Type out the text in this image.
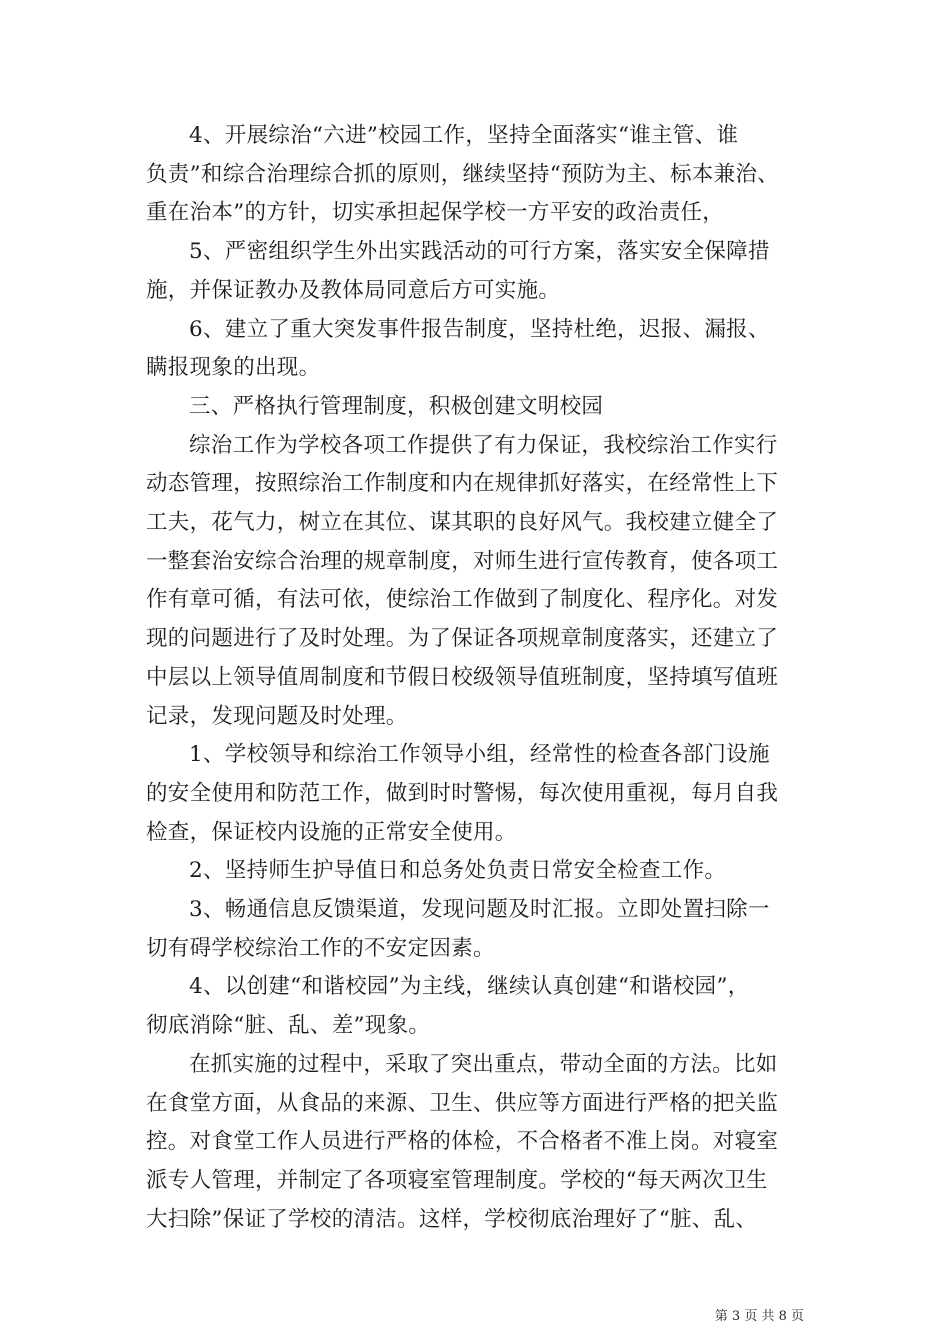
4、开展综治“六进”校园工作，坚持全面落实“谁主管、谁
负责”和综合治理综合抓的原则，继续坚持“预防为主、标本兼治、
重在治本”的方针，切实承担起保学校一方平安的政治责任，

5、严密组织学生外出实践活动的可行方案，落实安全保障措
施，并保证教办及教体局同意后方可实施。

6、建立了重大突发事件报告制度，坚持杜绝，迟报、漏报、
瞒报现象的出现。

三、严格执行管理制度，积极创建文明校园

综治工作为学校各项工作提供了有力保证，我校综治工作实行
动态管理，按照综治工作制度和内在规律抓好落实，在经常性上下
工夫，花气力，树立在其位、谋其职的良好风气。我校建立健全了
一整套治安综合治理的规章制度，对师生进行宣传教育，使各项工
作有章可循，有法可依，使综治工作做到了制度化、程序化。对发
现的问题进行了及时处理。为了保证各项规章制度落实，还建立了
中层以上领导值周制度和节假日校级领导值班制度，坚持填写值班
记录，发现问题及时处理。

1、学校领导和综治工作领导小组，经常性的检查各部门设施
的安全使用和防范工作，做到时时警惕，每次使用重视，每月自我
检查，保证校内设施的正常安全使用。

2、坚持师生护导值日和总务处负责日常安全检查工作。

3、畅通信息反馈渠道，发现问题及时汇报。立即处置扫除一
切有碍学校综治工作的不安定因素。

4、以创建“和谐校园”为主线，继续认真创建“和谐校园”，
彻底消除“脏、乱、差”现象。

在抓实施的过程中，采取了突出重点，带动全面的方法。比如
在食堂方面，从食品的来源、卫生、供应等方面进行严格的把关监
控。对食堂工作人员进行严格的体检，不合格者不准上岗。对寝室
派专人管理，并制定了各项寝室管理制度。学校的“每天两次卫生
大扫除”保证了学校的清洁。这样，学校彻底治理好了“脏、乱、

第 3 页 共 8 页
